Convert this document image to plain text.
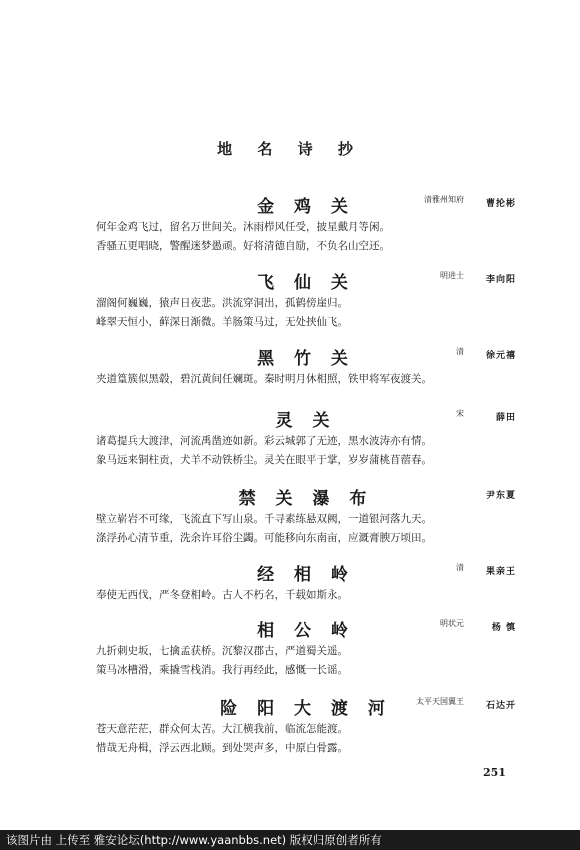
地 名 诗 抄
金 鸡 关	清雅州知府 曹抡彬
何年金鸡飞过，留名万世间关。沐雨栉风任受，披星戴月等闲。
香骚五更唱晓，警醒迷梦愚顽。好将清德自励，不负名山空还。
飞 仙 关	明进士 李向阳
溜阁何巍巍，猿声日夜悲。洪流穿洞出，孤鹤傍崖归。
峰翠天恒小，藓深日渐微。羊肠策马过，无处挟仙飞。
黑 竹 关	清 徐元禧
夹道篁簇似黑毂，碧沉黄间任斓斑。秦时明月休相照，铁甲将军夜渡关。
灵 关	宋	薛田
诸葛提兵大渡津，河流禹凿迹如新。彩云城郭了无迹，黑水波涛亦有情。
象马远来铜柱贡，犬羊不动铁桥尘。灵关在眼平于掌，岁岁蒲桃苜蓿春。
禁 关 瀑 布	尹东夏
壁立崭岩不可缘，飞流直下写山泉。千寻素练悬双阙，一道银河落九天。
涤浮孙心清节重，洗余许耳俗尘蠲。可能移向东南亩，应溉膏腴万顷田。
经 相 岭	清 果亲王
奉使无西伐，严冬登相岭。古人不朽名，千载如斯永。
相 公 岭	明状元	杨 慎
九折刺史坂，七擒孟获桥。沉黎汉郡古，严道蜀关遥。
策马冰槽滑，乘撬雪栈消。我行再经此，感慨一长谣。
险 阳 大 渡 河	太平天国翼王 石达开
苍天意茫茫，群众何太苦。大江横我前，临流怎能渡。
惜哉无舟楫，浮云西北顾。到处哭声多，中原白骨露。
251
该图片由 上传至 雅安论坛(http://www.yaanbbs.net) 版权归原创者所有
